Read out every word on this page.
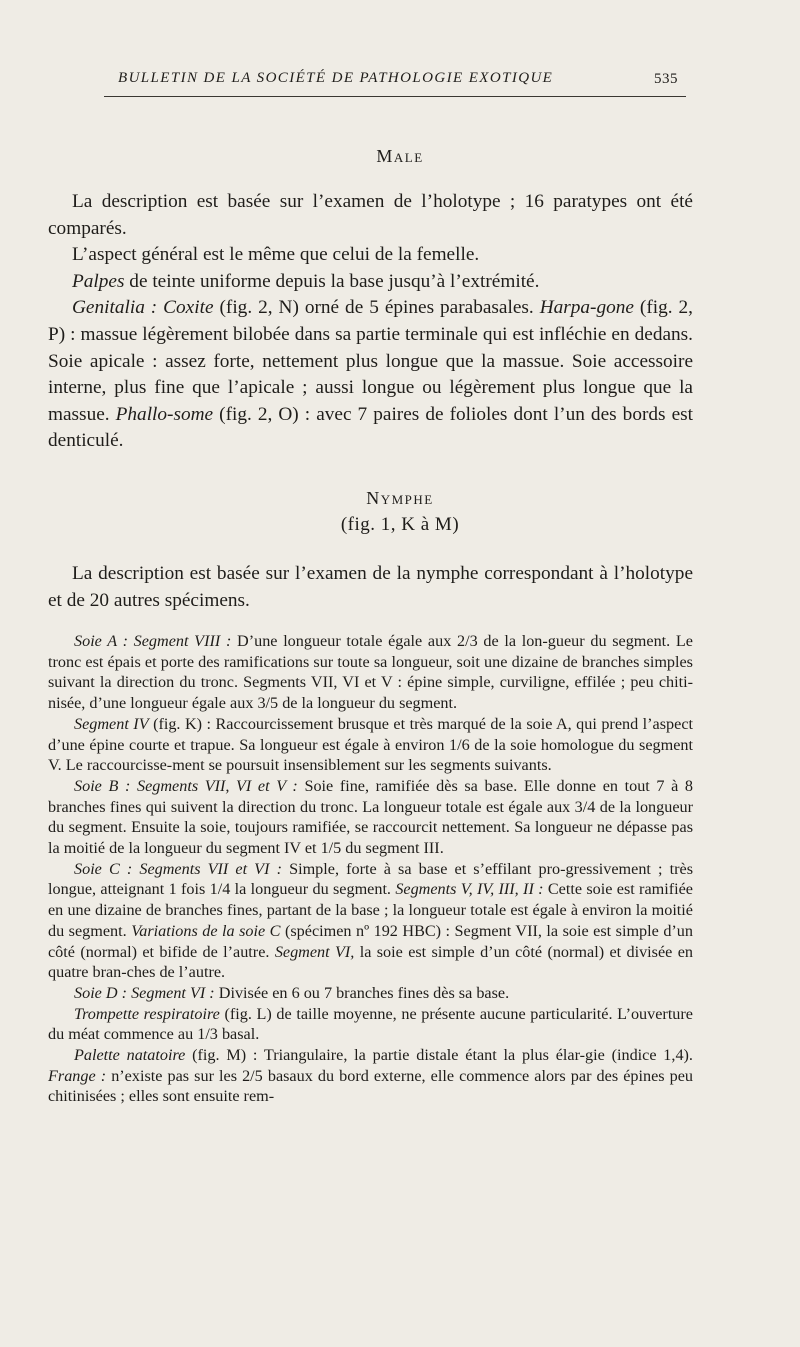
BULLETIN DE LA SOCIÉTÉ DE PATHOLOGIE EXOTIQUE	535
Male

La description est basée sur l’examen de l’holotype ; 16 paratypes ont été comparés.

L’aspect général est le même que celui de la femelle.

Palpes de teinte uniforme depuis la base jusqu’à l’extrémité.

Genitalia : Coxite (fig. 2, N) orné de 5 épines parabasales. Harpa-gone (fig. 2, P) : massue légèrement bilobée dans sa partie terminale qui est infléchie en dedans. Soie apicale : assez forte, nettement plus longue que la massue. Soie accessoire interne, plus fine que l’apicale ; aussi longue ou légèrement plus longue que la massue. Phallo-some (fig. 2, O) : avec 7 paires de folioles dont l’un des bords est denticulé.

Nymphe
(fig. 1, K à M)

La description est basée sur l’examen de la nymphe correspondant à l’holotype et de 20 autres spécimens.

Soie A : Segment VIII : D’une longueur totale égale aux 2/3 de la lon-gueur du segment. Le tronc est épais et porte des ramifications sur toute sa longueur, soit une dizaine de branches simples suivant la direction du tronc. Segments VII, VI et V : épine simple, curviligne, effilée ; peu chiti-nisée, d’une longueur égale aux 3/5 de la longueur du segment.

Segment IV (fig. K) : Raccourcissement brusque et très marqué de la soie A, qui prend l’aspect d’une épine courte et trapue. Sa longueur est égale à environ 1/6 de la soie homologue du segment V. Le raccourcisse-ment se poursuit insensiblement sur les segments suivants.

Soie B : Segments VII, VI et V : Soie fine, ramifiée dès sa base. Elle donne en tout 7 à 8 branches fines qui suivent la direction du tronc. La longueur totale est égale aux 3/4 de la longueur du segment. Ensuite la soie, toujours ramifiée, se raccourcit nettement. Sa longueur ne dépasse pas la moitié de la longueur du segment IV et 1/5 du segment III.

Soie C : Segments VII et VI : Simple, forte à sa base et s’effilant pro-gressivement ; très longue, atteignant 1 fois 1/4 la longueur du segment. Segments V, IV, III, II : Cette soie est ramifiée en une dizaine de branches fines, partant de la base ; la longueur totale est égale à environ la moitié du segment. Variations de la soie C (spécimen nº 192 HBC) : Segment VII, la soie est simple d’un côté (normal) et bifide de l’autre. Segment VI, la soie est simple d’un côté (normal) et divisée en quatre bran-ches de l’autre.

Soie D : Segment VI : Divisée en 6 ou 7 branches fines dès sa base.

Trompette respiratoire (fig. L) de taille moyenne, ne présente aucune particularité. L’ouverture du méat commence au 1/3 basal.

Palette natatoire (fig. M) : Triangulaire, la partie distale étant la plus élar-gie (indice 1,4). Frange : n’existe pas sur les 2/5 basaux du bord externe, elle commence alors par des épines peu chitinisées ; elles sont ensuite rem-
